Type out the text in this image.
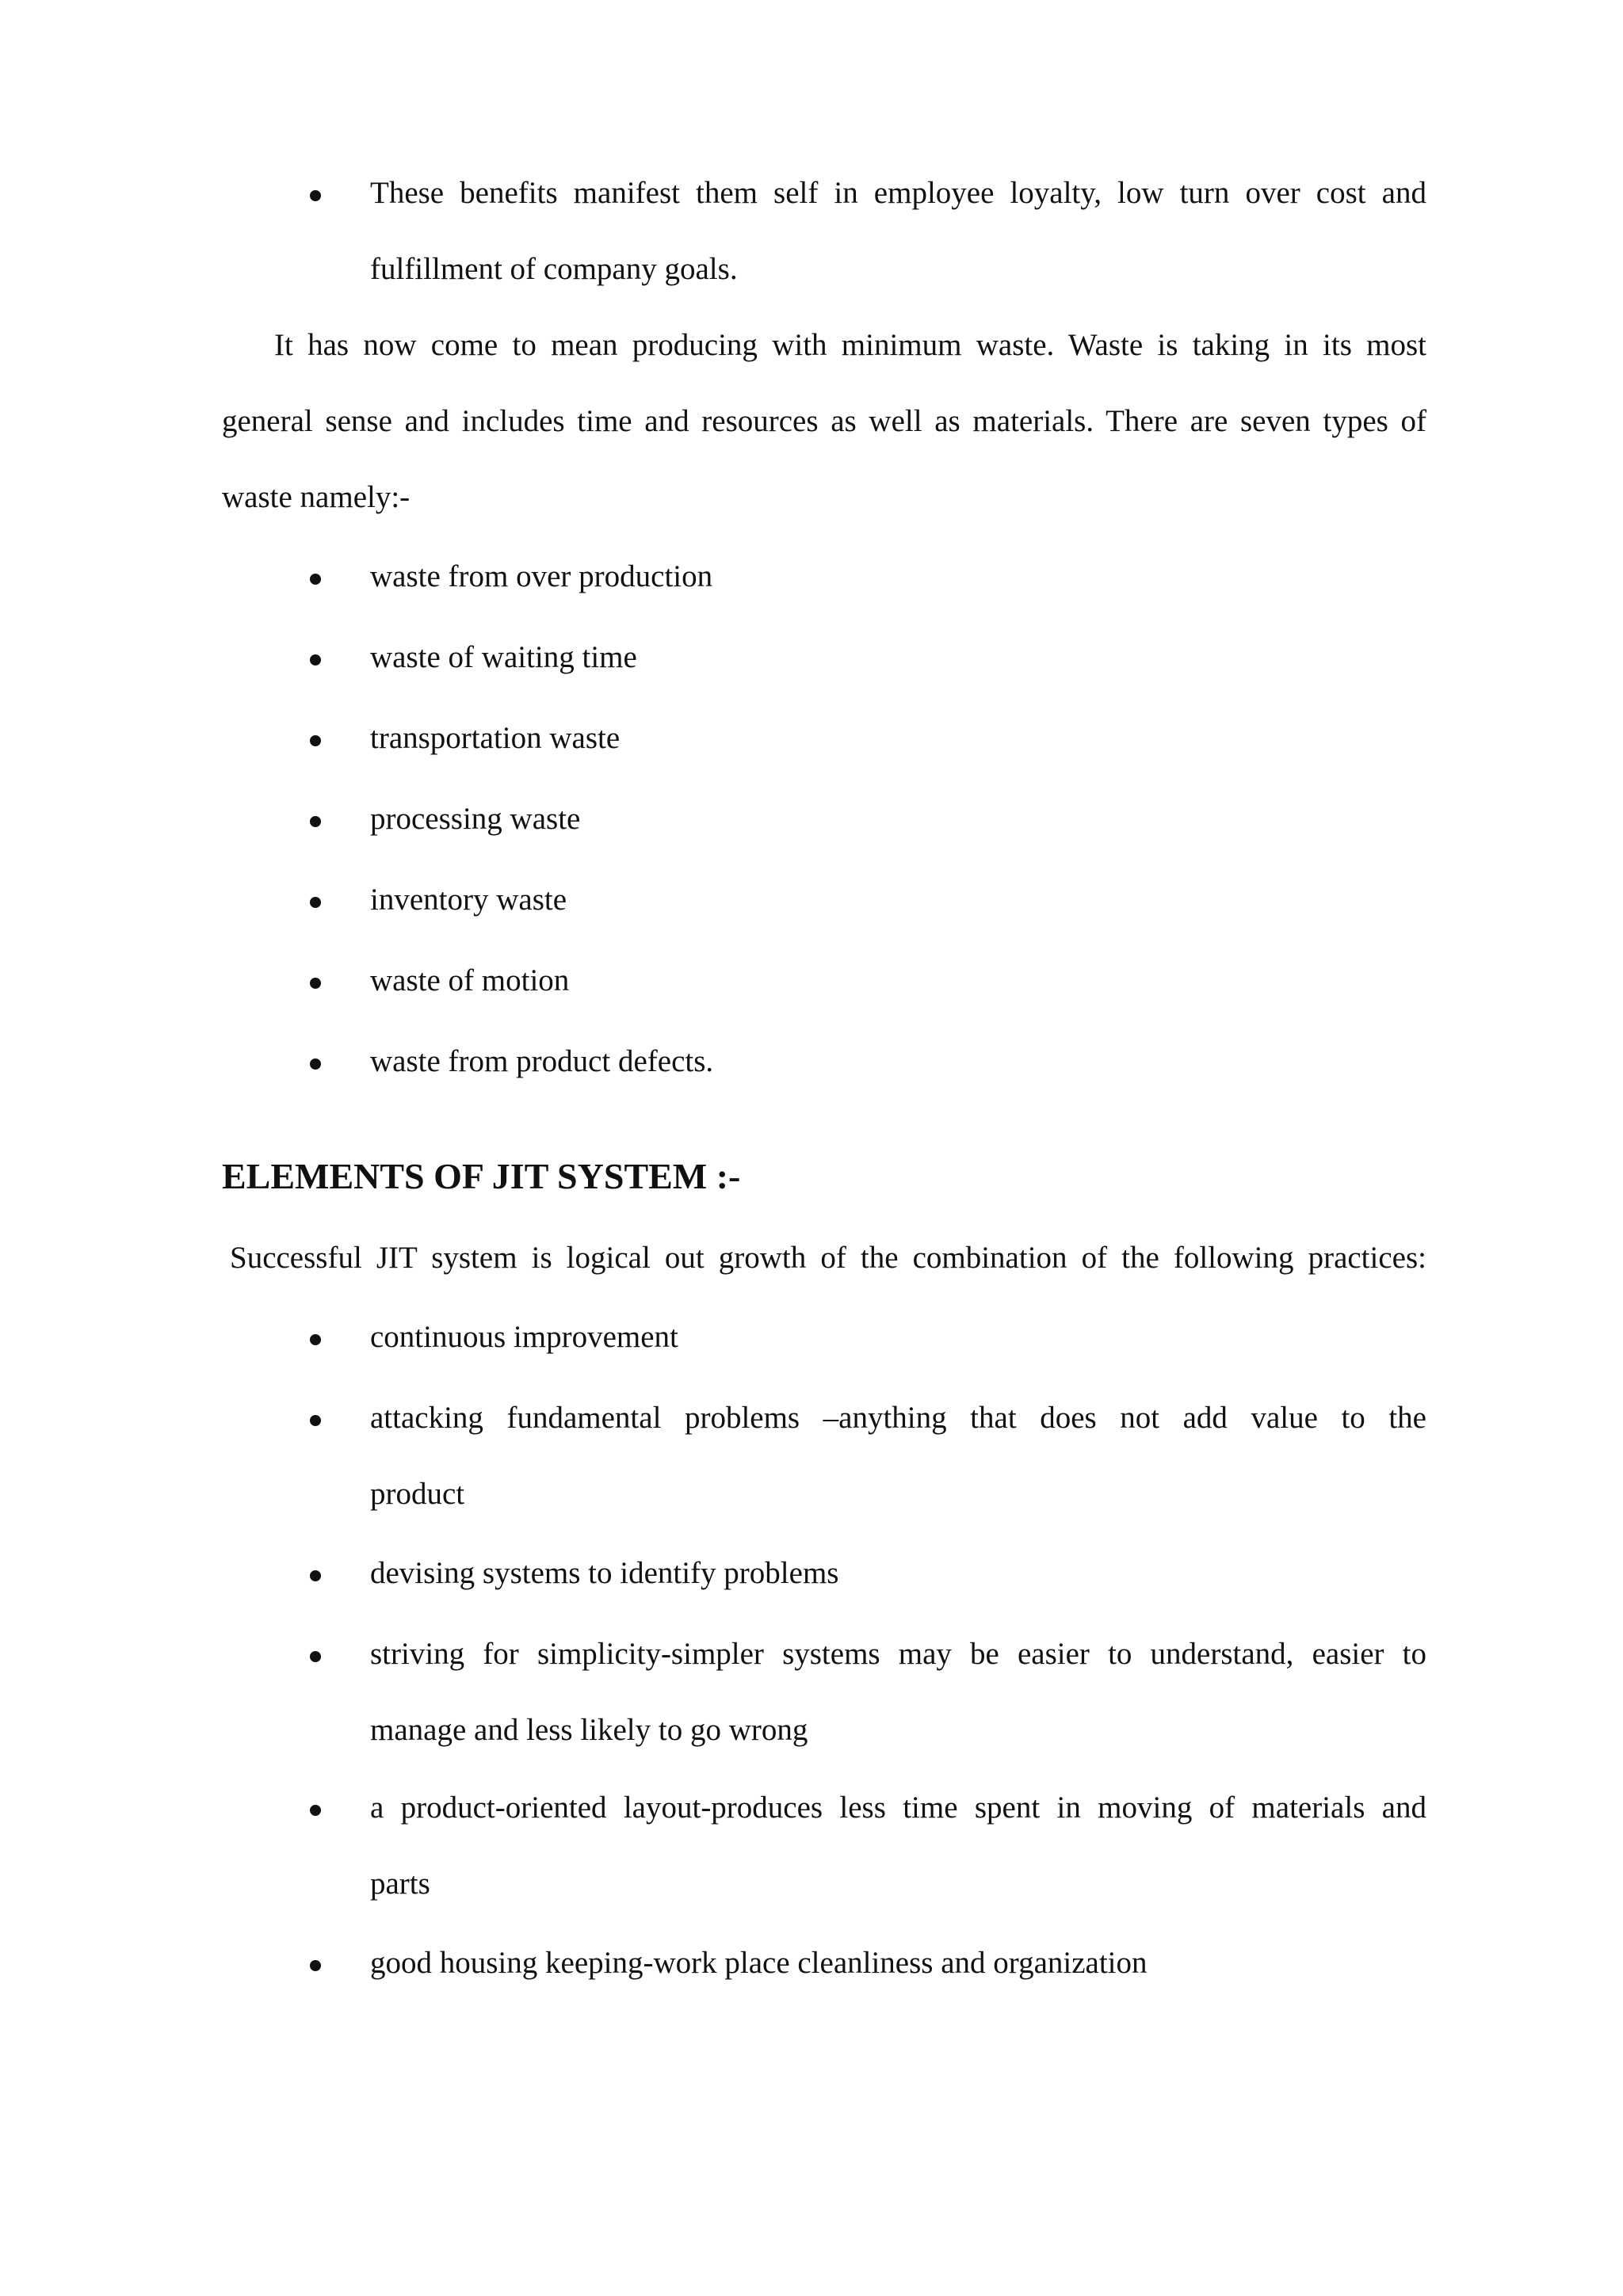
These benefits manifest them self in employee loyalty, low turn over cost and
fulfillment of company goals.
It has now come to mean producing with minimum waste. Waste is taking in its most
general sense and includes time and resources as well as materials. There are seven types of
waste namely:-
waste from over production
waste of waiting time
transportation waste
processing waste
inventory waste
waste of motion
waste from product defects.
ELEMENTS OF JIT SYSTEM :-
Successful JIT system is logical out growth of the combination of the following practices:
continuous improvement
attacking fundamental problems –anything that does not add value to the
product
devising systems to identify problems
striving for simplicity-simpler systems may be easier to understand, easier to
manage and less likely to go wrong
a product-oriented layout-produces less time spent in moving of materials and
parts
good housing keeping-work place cleanliness and organization
